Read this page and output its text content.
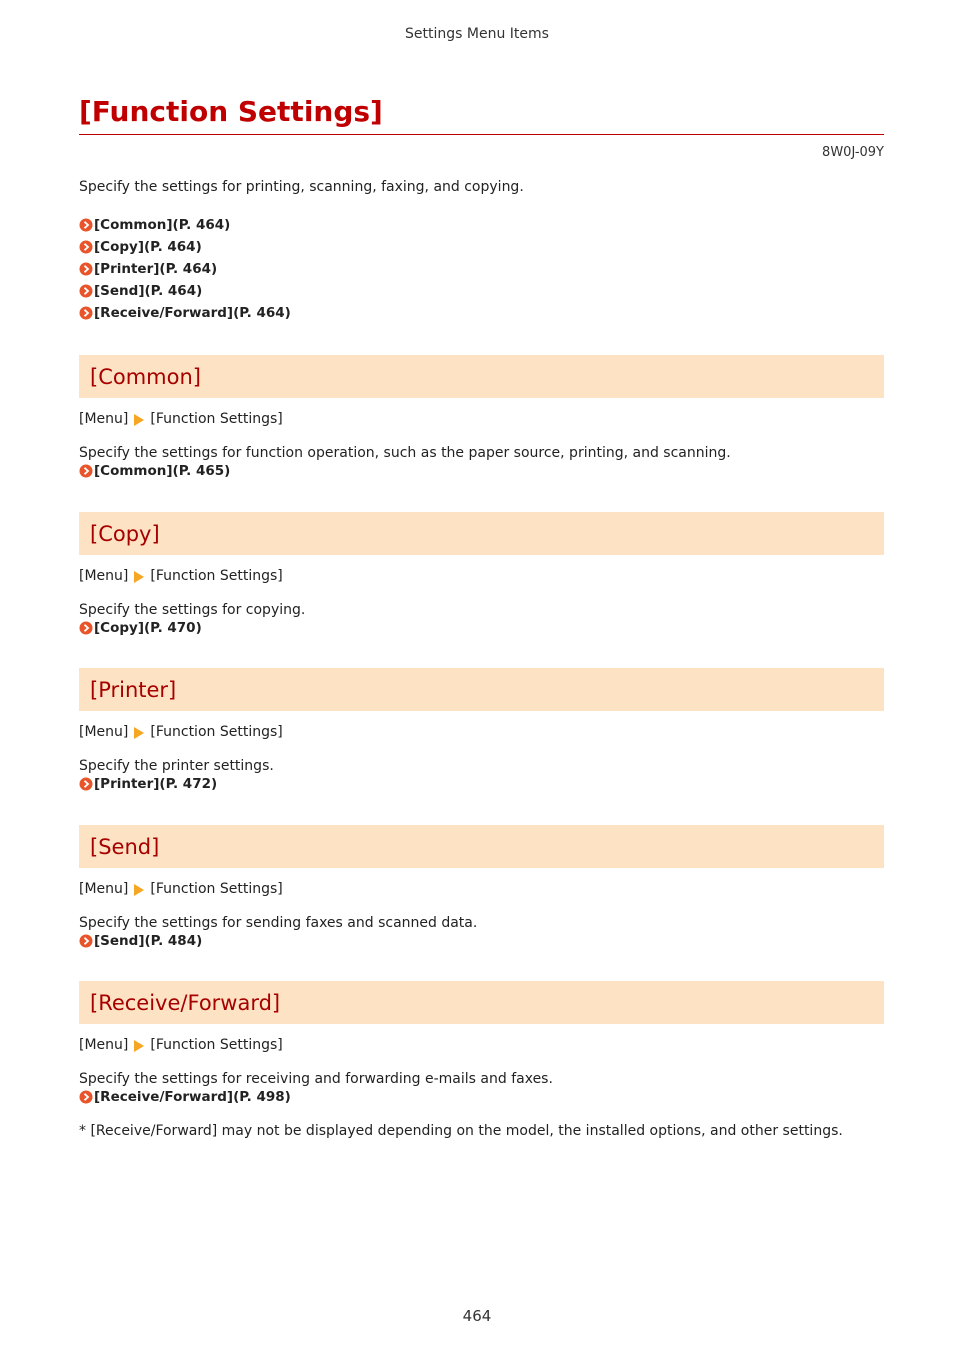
Settings Menu Items
[Function Settings]
8W0J-09Y

Specify the settings for printing, scanning, faxing, and copying.

[Common](P. 464)
[Copy](P. 464)
[Printer](P. 464)
[Send](P. 464)
[Receive/Forward](P. 464)
[Common]
[Menu] [Function Settings]

Specify the settings for function operation, such as the paper source, printing, and scanning.

[Common](P. 465)
[Copy]
[Menu] [Function Settings]

Specify the settings for copying.

[Copy](P. 470)
[Printer]
[Menu] [Function Settings]

Specify the printer settings.

[Printer](P. 472)
[Send]
[Menu] [Function Settings]

Specify the settings for sending faxes and scanned data.

[Send](P. 484)
[Receive/Forward]
[Menu] [Function Settings]

Specify the settings for receiving and forwarding e-mails and faxes.

[Receive/Forward](P. 498)

* [Receive/Forward] may not be displayed depending on the model, the installed options, and other settings.

464
